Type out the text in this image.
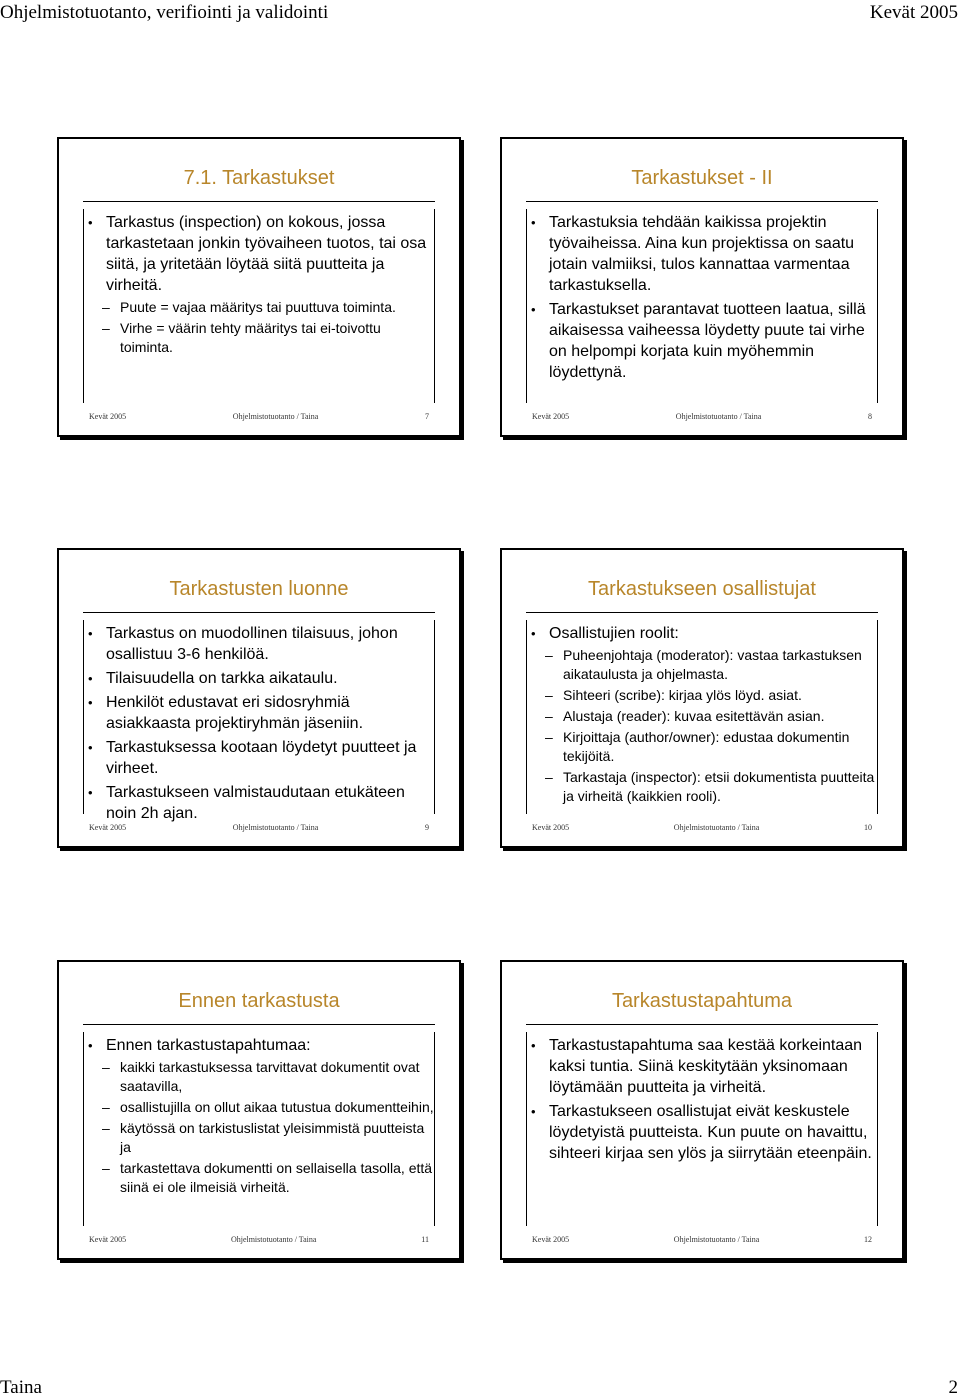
Ohjelmistotuotanto, verifiointi ja validointi	Kevät 2005
7.1. Tarkastukset
• Tarkastus (inspection) on kokous, jossa tarkastetaan jonkin työvaiheen tuotos, tai osa siitä, ja yritetään löytää siitä puutteita ja virheitä.
– Puute = vajaa määritys tai puuttuva toiminta.
– Virhe = väärin tehty määritys tai ei-toivottu toiminta.
Kevät 2005	Ohjelmistotuotanto / Taina	7
Tarkastukset - II
• Tarkastuksia tehdään kaikissa projektin työvaiheissa. Aina kun projektissa on saatu jotain valmiiksi, tulos kannattaa varmentaa tarkastuksella.
• Tarkastukset parantavat tuotteen laatua, sillä aikaisessa vaiheessa löydetty puute tai virhe on helpompi korjata kuin myöhemmin löydettynä.
Kevät 2005	Ohjelmistotuotanto / Taina	8
Tarkastusten luonne
• Tarkastus on muodollinen tilaisuus, johon osallistuu 3-6 henkilöä.
• Tilaisuudella on tarkka aikataulu.
• Henkilöt edustavat eri sidosryhmiä asiakkaasta projektiryhmän jäseniin.
• Tarkastuksessa kootaan löydetyt puutteet ja virheet.
• Tarkastukseen valmistaudutaan etukäteen noin 2h ajan.
Kevät 2005	Ohjelmistotuotanto / Taina	9
Tarkastukseen osallistujat
• Osallistujien roolit:
– Puheenjohtaja (moderator): vastaa tarkastuksen aikataulusta ja ohjelmasta.
– Sihteeri (scribe): kirjaa ylös löyd. asiat.
– Alustaja (reader): kuvaa esitettävän asian.
– Kirjoittaja (author/owner): edustaa dokumentin tekijöitä.
– Tarkastaja (inspector): etsii dokumentista puutteita ja virheitä (kaikkien rooli).
Kevät 2005	Ohjelmistotuotanto / Taina	10
Ennen tarkastusta
• Ennen tarkastustapahtumaa:
– kaikki tarkastuksessa tarvittavat dokumentit ovat saatavilla,
– osallistujilla on ollut aikaa tutustua dokumentteihin,
– käytössä on tarkistuslistat yleisimmistä puutteista ja
– tarkastettava dokumentti on sellaisella tasolla, että siinä ei ole ilmeisiä virheitä.
Kevät 2005	Ohjelmistotuotanto / Taina	11
Tarkastustapahtuma
• Tarkastustapahtuma saa kestää korkeintaan kaksi tuntia. Siinä keskitytään yksinomaan löytämään puutteita ja virheitä.
• Tarkastukseen osallistujat eivät keskustele löydetyistä puutteista. Kun puute on havaittu, sihteeri kirjaa sen ylös ja siirrytään eteenpäin.
Kevät 2005	Ohjelmistotuotanto / Taina	12
Taina	2
